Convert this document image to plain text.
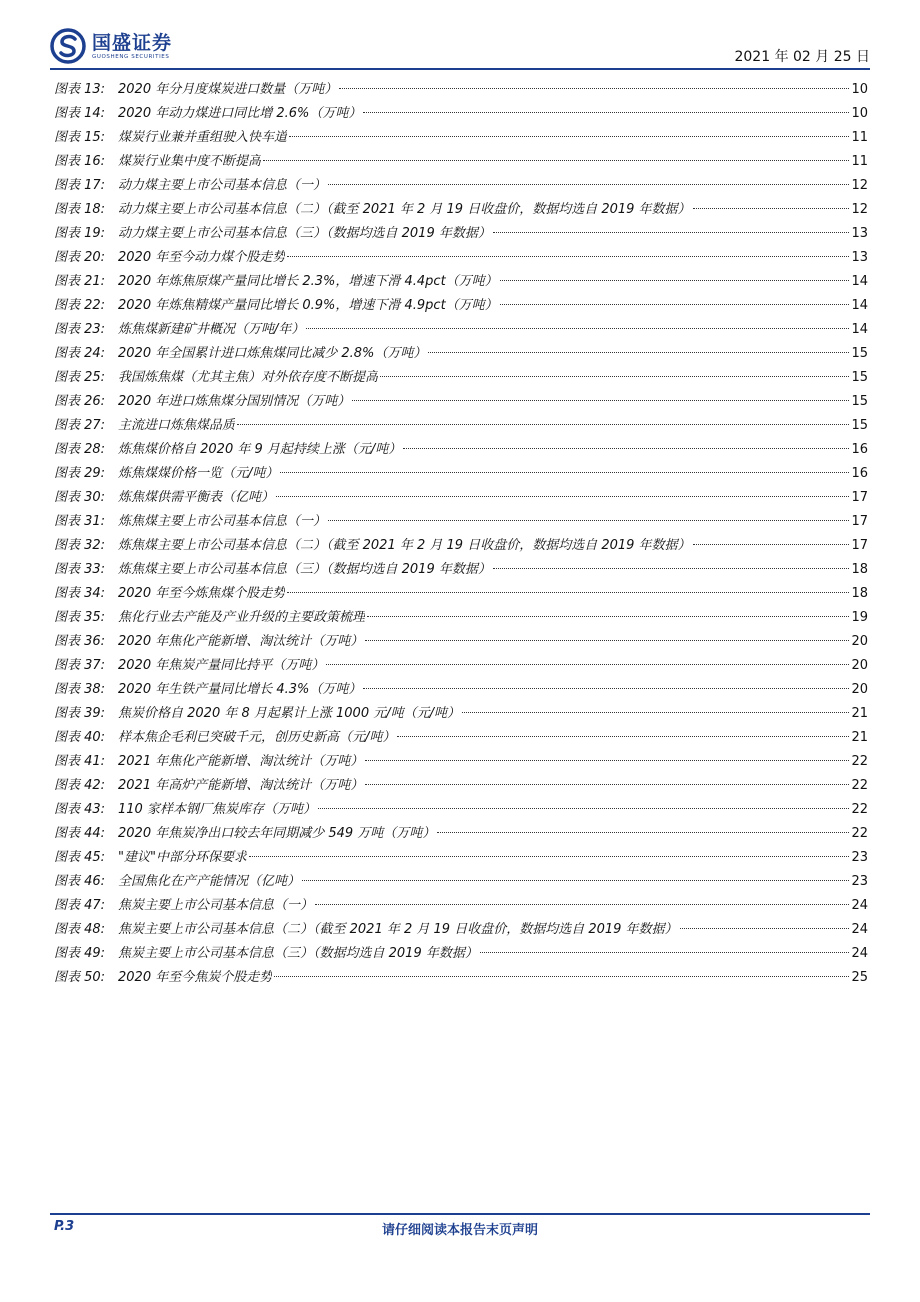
国盛证券
GUOSHENG SECURITIES	2021 年 02 月 25 日
图表 13: 2020 年分月度煤炭进口数量（万吨）	10
图表 14: 2020 年动力煤进口同比增 2.6%（万吨）	10
图表 15: 煤炭行业兼并重组驶入快车道	11
图表 16: 煤炭行业集中度不断提高	11
图表 17: 动力煤主要上市公司基本信息（一）	12
图表 18: 动力煤主要上市公司基本信息（二）（截至 2021 年 2 月 19 日收盘价，数据均选自 2019 年数据）	12
图表 19: 动力煤主要上市公司基本信息（三）（数据均选自 2019 年数据）	13
图表 20: 2020 年至今动力煤个股走势	13
图表 21: 2020 年炼焦原煤产量同比增长 2.3%，增速下滑 4.4pct（万吨）	14
图表 22: 2020 年炼焦精煤产量同比增长 0.9%，增速下滑 4.9pct（万吨）	14
图表 23: 炼焦煤新建矿井概况（万吨/年）	14
图表 24: 2020 年全国累计进口炼焦煤同比减少 2.8%（万吨）	15
图表 25: 我国炼焦煤（尤其主焦）对外依存度不断提高	15
图表 26: 2020 年进口炼焦煤分国别情况（万吨）	15
图表 27: 主流进口炼焦煤品质	15
图表 28: 炼焦煤价格自 2020 年 9 月起持续上涨（元/吨）	16
图表 29: 炼焦煤煤价格一览（元/吨）	16
图表 30: 炼焦煤供需平衡表（亿吨）	17
图表 31: 炼焦煤主要上市公司基本信息（一）	17
图表 32: 炼焦煤主要上市公司基本信息（二）（截至 2021 年 2 月 19 日收盘价，数据均选自 2019 年数据）	17
图表 33: 炼焦煤主要上市公司基本信息（三）（数据均选自 2019 年数据）	18
图表 34: 2020 年至今炼焦煤个股走势	18
图表 35: 焦化行业去产能及产业升级的主要政策梳理	19
图表 36: 2020 年焦化产能新增、淘汰统计（万吨）	20
图表 37: 2020 年焦炭产量同比持平（万吨）	20
图表 38: 2020 年生铁产量同比增长 4.3%（万吨）	20
图表 39: 焦炭价格自 2020 年 8 月起累计上涨 1000 元/吨（元/吨）	21
图表 40: 样本焦企毛利已突破千元，创历史新高（元/吨）	21
图表 41: 2021 年焦化产能新增、淘汰统计（万吨）	22
图表 42: 2021 年高炉产能新增、淘汰统计（万吨）	22
图表 43: 110 家样本钢厂焦炭库存（万吨）	22
图表 44: 2020 年焦炭净出口较去年同期减少 549 万吨（万吨）	22
图表 45: "建议"中部分环保要求	23
图表 46: 全国焦化在产产能情况（亿吨）	23
图表 47: 焦炭主要上市公司基本信息（一）	24
图表 48: 焦炭主要上市公司基本信息（二）（截至 2021 年 2 月 19 日收盘价，数据均选自 2019 年数据）	24
图表 49: 焦炭主要上市公司基本信息（三）（数据均选自 2019 年数据）	24
图表 50: 2020 年至今焦炭个股走势	25
P.3	请仔细阅读本报告末页声明
